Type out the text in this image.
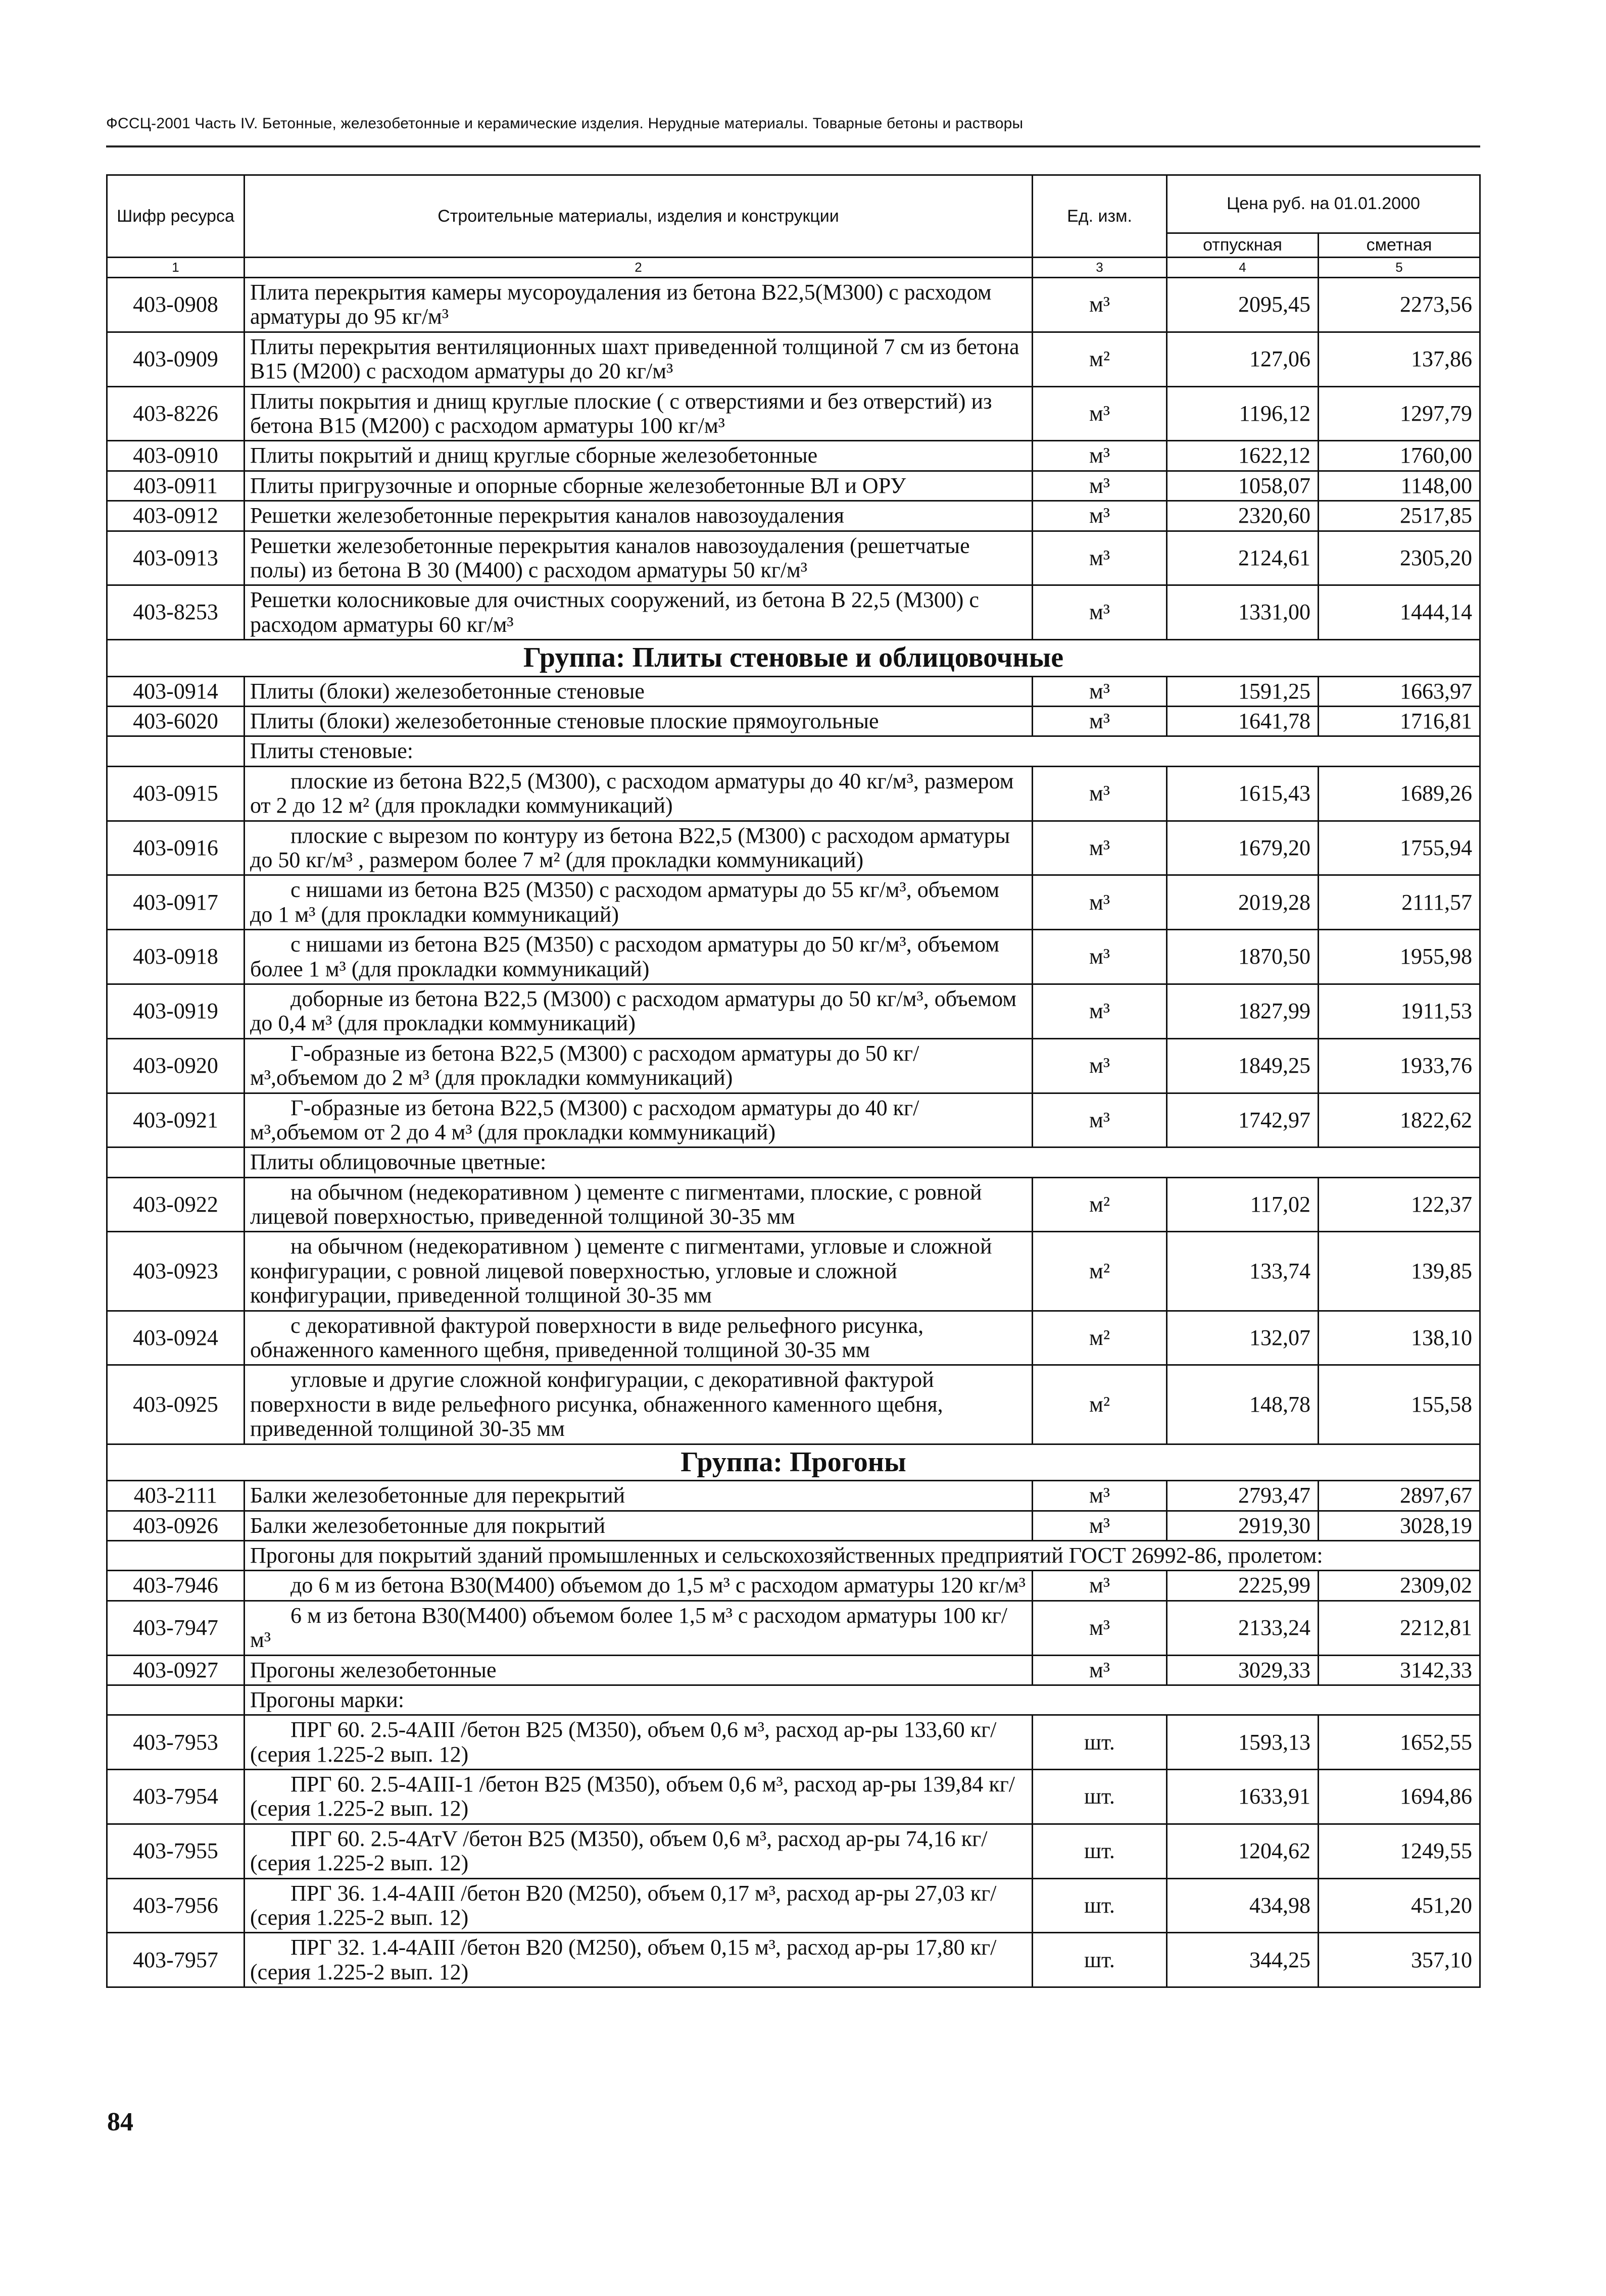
ФССЦ-2001 Часть IV. Бетонные, железобетонные и керамические изделия. Нерудные материалы. Товарные бетоны и растворы
Шифр ресурса	Строительные материалы, изделия и конструкции	Ед. изм.	Цена руб. на 01.01.2000	
			отпускная	сметная
1	2	3	4	5
403-0908	Плита перекрытия камеры мусороудаления из бетона В22,5(М300) с расходом арматуры до 95 кг/м³	м³	2095,45	2273,56
403-0909	Плиты перекрытия вентиляционных шахт приведенной толщиной 7 см из бетона В15 (М200) с расходом арматуры до 20 кг/м³	м²	127,06	137,86
403-8226	Плиты покрытия и днищ круглые плоские ( с отверстиями и без отверстий) из бетона В15 (М200) с расходом арматуры 100 кг/м³	м³	1196,12	1297,79
403-0910	Плиты покрытий и днищ круглые сборные железобетонные	м³	1622,12	1760,00
403-0911	Плиты пригрузочные и опорные сборные железобетонные ВЛ и ОРУ	м³	1058,07	1148,00
403-0912	Решетки железобетонные перекрытия каналов навозоудаления	м³	2320,60	2517,85
403-0913	Решетки железобетонные перекрытия каналов навозоудаления (решетчатые полы) из бетона В 30 (М400) с расходом арматуры 50 кг/м³	м³	2124,61	2305,20
403-8253	Решетки колосниковые для очистных сооружений, из бетона В 22,5 (М300) с расходом арматуры 60 кг/м³	м³	1331,00	1444,14
Группа: Плиты стеновые и облицовочные				
403-0914	Плиты (блоки) железобетонные стеновые	м³	1591,25	1663,97
403-6020	Плиты (блоки) железобетонные стеновые плоские прямоугольные	м³	1641,78	1716,81
	Плиты стеновые:			
403-0915	плоские из бетона В22,5 (М300), с расходом арматуры до 40 кг/м³, размером от 2 до 12 м² (для прокладки коммуникаций)	м³	1615,43	1689,26
403-0916	плоские с вырезом по контуру из бетона В22,5 (М300) с расходом арматуры до 50 кг/м³ , размером более 7 м² (для прокладки коммуникаций)	м³	1679,20	1755,94
403-0917	с нишами из бетона В25 (М350) с расходом арматуры до 55 кг/м³, объемом до 1 м³ (для прокладки коммуникаций)	м³	2019,28	2111,57
403-0918	с нишами из бетона В25 (М350) с расходом арматуры до 50 кг/м³, объемом более 1 м³ (для прокладки коммуникаций)	м³	1870,50	1955,98
403-0919	доборные из бетона В22,5 (М300) с расходом арматуры до 50 кг/м³, объемом до 0,4 м³ (для прокладки коммуникаций)	м³	1827,99	1911,53
403-0920	Г-образные из бетона В22,5 (М300) с расходом арматуры до 50 кг/м³,объемом до 2 м³ (для прокладки коммуникаций)	м³	1849,25	1933,76
403-0921	Г-образные из бетона В22,5 (М300) с расходом арматуры до 40 кг/м³,объемом от 2 до 4 м³ (для прокладки коммуникаций)	м³	1742,97	1822,62
	Плиты облицовочные цветные:			
403-0922	на обычном (недекоративном ) цементе с пигментами, плоские, с ровной лицевой поверхностью, приведенной толщиной 30-35 мм	м²	117,02	122,37
403-0923	на обычном (недекоративном ) цементе с пигментами, угловые и сложной конфигурации, с ровной лицевой поверхностью, угловые и сложной конфигурации, приведенной толщиной 30-35 мм	м²	133,74	139,85
403-0924	с декоративной фактурой поверхности в виде рельефного рисунка, обнаженного каменного щебня, приведенной толщиной 30-35 мм	м²	132,07	138,10
403-0925	угловые и другие сложной конфигурации, с декоративной фактурой поверхности в виде рельефного рисунка, обнаженного каменного щебня, приведенной толщиной 30-35 мм	м²	148,78	155,58
Группа: Прогоны				
403-2111	Балки железобетонные для перекрытий	м³	2793,47	2897,67
403-0926	Балки железобетонные для покрытий	м³	2919,30	3028,19
	Прогоны для покрытий зданий промышленных и сельскохозяйственных предприятий ГОСТ 26992-86, пролетом:			
403-7946	до 6 м из бетона В30(М400) объемом до 1,5 м³ с расходом арматуры 120 кг/м³	м³	2225,99	2309,02
403-7947	6 м из бетона В30(М400) объемом более 1,5 м³ с расходом арматуры 100 кг/м³	м³	2133,24	2212,81
403-0927	Прогоны железобетонные	м³	3029,33	3142,33
	Прогоны марки:			
403-7953	ПРГ 60. 2.5-4АIII /бетон В25 (М350), объем 0,6 м³, расход ар-ры 133,60 кг/ (серия 1.225-2 вып. 12)	шт.	1593,13	1652,55
403-7954	ПРГ 60. 2.5-4АIII-1 /бетон В25 (М350), объем 0,6 м³, расход ар-ры 139,84 кг/ (серия 1.225-2 вып. 12)	шт.	1633,91	1694,86
403-7955	ПРГ 60. 2.5-4АтV /бетон В25 (М350), объем 0,6 м³, расход ар-ры 74,16 кг/ (серия 1.225-2 вып. 12)	шт.	1204,62	1249,55
403-7956	ПРГ 36. 1.4-4АIII /бетон В20 (М250), объем 0,17 м³, расход ар-ры 27,03 кг/ (серия 1.225-2 вып. 12)	шт.	434,98	451,20
403-7957	ПРГ 32. 1.4-4АIII /бетон В20 (М250), объем 0,15 м³, расход ар-ры 17,80 кг/ (серия 1.225-2 вып. 12)	шт.	344,25	357,10
84
